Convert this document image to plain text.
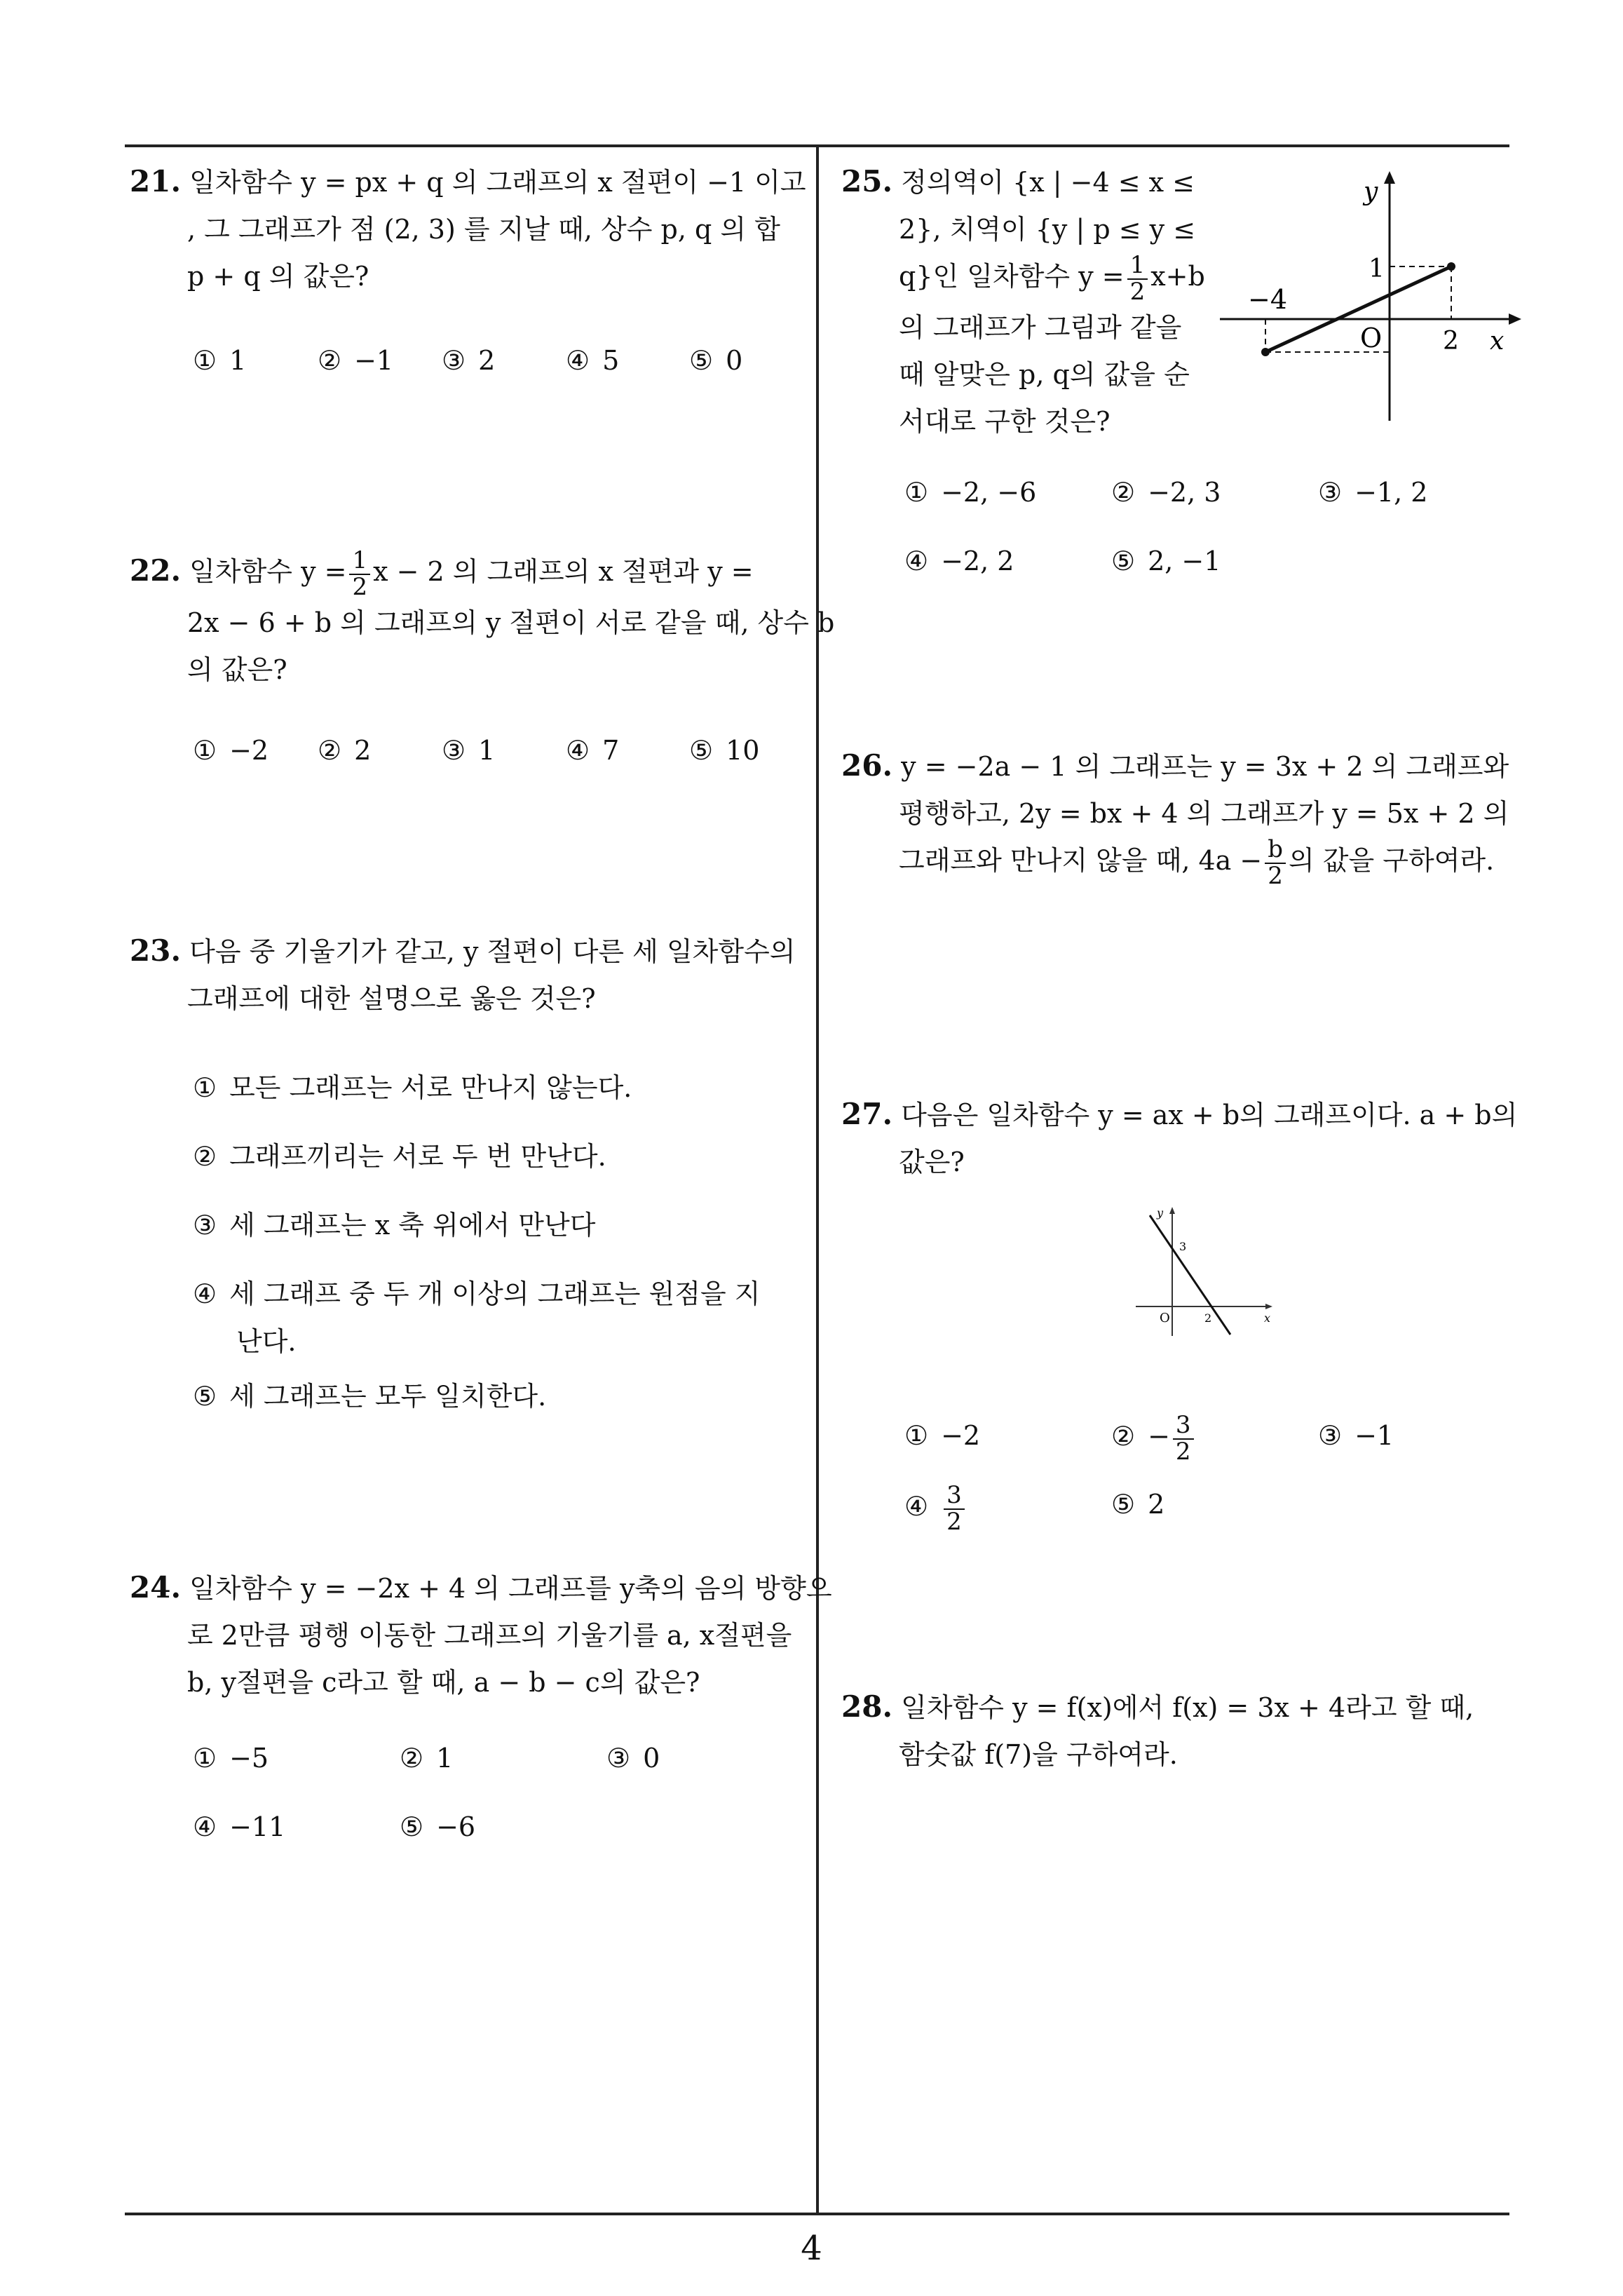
21. 일차함수 y = px + q 의 그래프의 x 절편이 −1 이고
, 그 그래프가 점 (2, 3) 를 지날 때, 상수 p, q 의 합
p + q 의 값은?
① 1	② −1 ③ 2	④ 5	⑤ 0
22. 일차함수 $y = \frac{1}{2}$ x − 2 의 그래프의 x 절편과 y =
2x − 6 + b 의 그래프의 y 절편이 서로 같을 때, 상수 b
의 값은?
① −2 ② 2	③ 1	④ 7	⑤ 10
23. 다음 중 기울기가 같고, y 절편이 다른 세 일차함수의
그래프에 대한 설명으로 옳은 것은?
① 모든 그래프는 서로 만나지 않는다.
② 그래프끼리는 서로 두 번 만난다.
③ 세 그래프는 x 축 위에서 만난다
④ 세 그래프 중 두 개 이상의 그래프는 원점을 지
난다.
⑤ 세 그래프는 모두 일치한다.
24. 일차함수 y = −2x + 4 의 그래프를 y축의 음의 방향으
로 2만큼 평행 이동한 그래프의 기울기를 a, x절편을
b, y절편을 c라고 할 때, a − b − c의 값은?
① −5	② 1	③ 0
④ −11	⑤ −6
25. 정의역이 {x | −4 ≤ x ≤
2}, 치역이 {y | p ≤ y ≤
q}인 일차함수 $y = \frac{1}{2} x+b$
의 그래프가 그림과 같을
때 알맞은 p, q의 값을 순
서대로 구한 것은?
y
x
O
−4
2
1
① −2, −6	② −2, 3	③ −1, 2
④ −2, 2	⑤ 2, −1
26. y = −2a − 1 의 그래프는 y = 3x + 2 의 그래프와
평행하고, 2y = bx + 4 의 그래프가 y = 5x + 2 의
그래프와 만나지 않을 때, $4a - \frac{b}{2}$ 의 값을 구하여라.
27. 다음은 일차함수 y = ax + b의 그래프이다. a + b의
값은?
y
x
O
3
2
① −2	② − $\frac{3}{2}$	③ −1
④ $\frac{3}{2}$	⑤ 2
28. 일차함수 y = f(x)에서 f(x) = 3x + 4라고 할 때,
함숫값 f(7)을 구하여라.
4
